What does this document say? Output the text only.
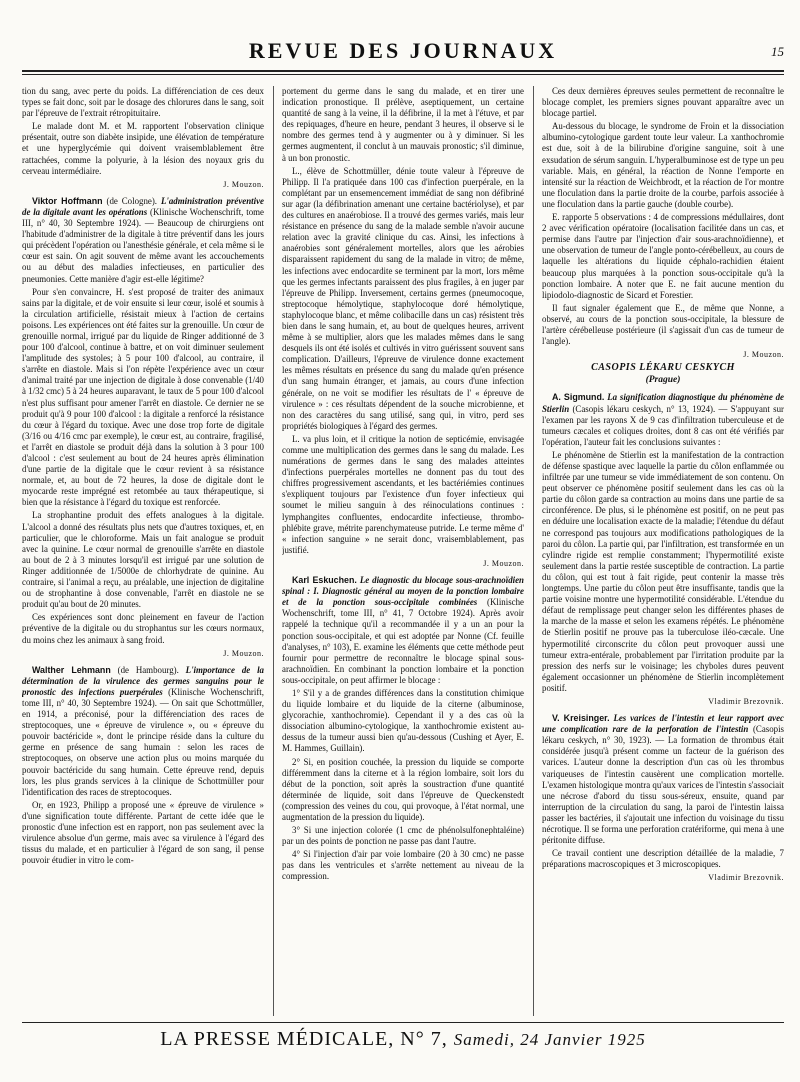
REVUE DES JOURNAUX	15

tion du sang, avec perte du poids. La différenciation de ces deux types se fait donc, soit par le dosage des chlorures dans le sang, soit par l'épreuve de l'extrait rétropituitaire.

Le malade dont M. et M. rapportent l'observation clinique présentait, outre son diabète insipide, une élévation de température et une hyperglycémie qui doivent vraisemblablement être rattachées, comme la polyurie, à la lésion des noyaux gris du cerveau intermédiaire.

J. Mouzon.

Viktor Hoffmann (de Cologne). L'administration préventive de la digitale avant les opérations (Klinische Wochenschrift, tome III, n° 40, 30 Septembre 1924). — Beaucoup de chirurgiens ont l'habitude d'administrer de la digitale à titre préventif dans les jours qui précèdent l'opération ou l'anesthésie générale, et cela même si le cœur est sain. On agit souvent de même avant les accouchements ou au début des maladies infectieuses, en particulier des pneumonies. Cette manière d'agir est-elle légitime?

Pour s'en convaincre, H. s'est proposé de traiter des animaux sains par la digitale, et de voir ensuite si leur cœur, isolé et soumis à la circulation artificielle, résistait mieux à l'action de certains poisons. Les expériences ont été faites sur la grenouille. Un cœur de grenouille normal, irrigué par du liquide de Ringer additionné de 3 pour 100 d'alcool, continue à battre, et on voit diminuer seulement l'amplitude des systoles; à 5 pour 100 d'alcool, au contraire, il s'arrête en diastole. Mais si l'on répète l'expérience avec un cœur d'animal traité par une injection de digitale à dose convenable (1/40 à 1/32 cmc) 5 à 24 heures auparavant, le taux de 5 pour 100 d'alcool n'est plus suffisant pour amener l'arrêt en diastole. Ce dernier ne se produit qu'à 9 pour 100 d'alcool : la digitale a renforcé la résistance du cœur à l'égard du toxique. Avec une dose trop forte de digitale (3/16 ou 4/16 cmc par exemple), le cœur est, au contraire, fragilisé, et l'arrêt en diastole se produit déjà dans la solution à 3 pour 100 d'alcool : c'est seulement au bout de 24 heures après élimination d'une partie de la digitale que le cœur revient à sa résistance normale, et, au bout de 72 heures, la dose de digitale dont le myocarde reste imprégné est retombée au taux thérapeutique, si bien que la résistance à l'égard du toxique est renforcée.

La strophantine produit des effets analogues à la digitale. L'alcool a donné des résultats plus nets que d'autres toxiques, et, en particulier, que le chloroforme. Mais un fait analogue se produit avec la quinine. Le cœur normal de grenouille s'arrête en diastole au bout de 2 à 3 minutes lorsqu'il est irrigué par une solution de Ringer additionnée de 1/5000e de chlorhydrate de quinine. Au contraire, si l'animal a reçu, au préalable, une injection de digitaline ou de strophantine à dose convenable, l'arrêt en diastole ne se produit qu'au bout de 20 minutes.

Ces expériences sont donc pleinement en faveur de l'action préventive de la digitale ou du strophantus sur les cœurs normaux, du moins chez les animaux à sang froid.

J. Mouzon.

Walther Lehmann (de Hambourg). L'importance de la détermination de la virulence des germes sanguins pour le pronostic des infections puerpérales (Klinische Wochenschrift, tome III, n° 40, 30 Septembre 1924). — On sait que Schottmüller, en 1914, a préconisé, pour la différenciation des races de streptocoques, une « épreuve de virulence », ou « épreuve du pouvoir bactéricide », dont le principe réside dans la culture du germe en présence de sang humain : selon les races de streptocoques, on observe une action plus ou moins marquée du pouvoir bactéricide du sang humain. Cette épreuve rend, depuis lors, les plus grands services à la clinique de Schottmüller pour l'identification des races de streptocoques.

Or, en 1923, Philipp a proposé une « épreuve de virulence » d'une signification toute différente. Partant de cette idée que le pronostic d'une infection est en rapport, non pas seulement avec la virulence absolue d'un germe, mais avec sa virulence à l'égard des tissus du malade, et en particulier à l'égard de son sang, il pense pouvoir étudier in vitro le com-

portement du germe dans le sang du malade, et en tirer une indication pronostique. Il prélève, aseptiquement, un certaine quantité de sang à la veine, il la défibrine, il la met à l'étuve, et par des repiquages, d'heure en heure, pendant 3 heures, il observe si le nombre des germes tend à y augmenter ou à y diminuer. Si les germes augmentent, il conclut à un mauvais pronostic; s'il diminue, à un bon pronostic.

L., élève de Schottmüller, dénie toute valeur à l'épreuve de Philipp. Il l'a pratiquée dans 100 cas d'infection puerpérale, en la complétant par un ensemencement immédiat de sang non défibriné sur agar (la défibrination amenant une certaine bactériolyse), et par des cultures en anaérobiose. Il a trouvé des germes variés, mais leur résistance en présence du sang de la malade semble n'avoir aucune relation avec la gravité clinique du cas. Ainsi, les infections à anaérobies sont généralement mortelles, alors que les aérobies disparaissent rapidement du sang de la malade in vitro; de même, les infections avec endocardite se terminent par la mort, lors même que les germes infectants paraissent des plus fragiles, à en juger par l'épreuve de Philipp. Inversement, certains germes (pneumocoque, streptocoque hémolytique, staphylocoque doré hémolytique, staphylocoque blanc, et même colibacille dans un cas) résistent très bien dans le sang humain, et, au bout de quelques heures, arrivent même à se multiplier, alors que les malades mêmes dans le sang desquels ils ont été isolés et cultivés in vitro guérissent souvent sans complication. D'ailleurs, l'épreuve de virulence donne exactement les mêmes résultats en présence du sang du malade qu'en présence d'un sang humain étranger, et jamais, au cours d'une infection générale, on ne voit se modifier les résultats de l' « épreuve de virulence » : ces résultats dépendent de la souche microbienne, et non des caractères du sang utilisé, sang qui, in vitro, perd ses propriétés biologiques à l'égard des germes.

L. va plus loin, et il critique la notion de septicémie, envisagée comme une multiplication des germes dans le sang du malade. Les numérations de germes dans le sang des malades atteintes d'infections puerpérales mortelles ne donnent pas du tout des chiffres progressivement ascendants, et les bactériémies continues s'expliquent toujours par l'existence d'un foyer infectieux qui soumet le milieu sanguin à des réinoculations continues : lymphangites confluentes, endocardite infectieuse, thrombo-phlébite grave, métrite parenchymateuse putride. Le terme même d' « infection sanguine » ne serait donc, vraisemblablement, pas justifié.

J. Mouzon.

Karl Eskuchen. Le diagnostic du blocage sous-arachnoïdien spinal : I. Diagnostic général au moyen de la ponction lombaire et de la ponction sous-occipitale combinées (Klinische Wochenschrift, tome III, n° 41, 7 Octobre 1924). Après avoir rappelé la technique qu'il a recommandée il y a un an pour la ponction sous-occipitale, et qui est adoptée par Nonne (Cf. feuille d'analyses, n° 103), E. examine les éléments que cette méthode peut fournir pour permettre de reconnaître le blocage spinal sous-arachnoïdien. En combinant la ponction lombaire et la ponction sous-occipitale, on peut affirmer le blocage :

1° S'il y a de grandes différences dans la constitution chimique du liquide lombaire et du liquide de la citerne (albuminose, glycorachie, xanthochromie). Cependant il y a des cas où la dissociation albumino-cytologique, la xanthochromie existent au-dessus de la tumeur aussi bien qu'au-dessous (Cushing et Ayer, E. M. Hammes, Guillain).

2° Si, en position couchée, la pression du liquide se comporte différemment dans la citerne et à la région lombaire, soit lors du début de la ponction, soit après la soustraction d'une quantité déterminée de liquide, soit dans l'épreuve de Queckenstedt (compression des veines du cou, qui provoque, à l'état normal, une augmentation de la pression du liquide).

3° Si une injection colorée (1 cmc de phénolsulfonephtaléine) par un des points de ponction ne passe pas dant l'autre.

4° Si l'injection d'air par voie lombaire (20 à 30 cmc) ne passe pas dans les ventricules et s'arrête nettement au niveau de la compression.

Ces deux dernières épreuves seules permettent de reconnaître le blocage complet, les premiers signes pouvant apparaître avec un blocage partiel.

Au-dessous du blocage, le syndrome de Froin et la dissociation albumino-cytologique gardent toute leur valeur. La xanthochromie est due, soit à de la bilirubine d'origine sanguine, soit à une exsudation de sérum sanguin. L'hyperalbuminose est de type un peu variable. Mais, en général, la réaction de Nonne l'emporte en intensité sur la réaction de Weichbrodt, et la réaction de l'or montre une floculation dans la partie droite de la courbe, parfois associée à une floculation dans la partie gauche (double courbe).

E. rapporte 5 observations : 4 de compressions médullaires, dont 2 avec vérification opératoire (localisation facilitée dans un cas, et permise dans l'autre par l'injection d'air sous-arachnoïdienne), et une observation de tumeur de l'angle ponto-cérébelleux, au cours de laquelle les altérations du liquide céphalo-rachidien étaient beaucoup plus marquées à la ponction sous-occipitale qu'à la ponction lombaire. A noter que E. ne fait aucune mention du lipiodolo-diagnostic de Sicard et Forestier.

Il faut signaler également que E., de même que Nonne, a observé, au cours de la ponction sous-occipitale, la blessure de l'artère cérébelleuse postérieure (il s'agissait d'un cas de tumeur de l'angle).

J. Mouzon.

CASOPIS LÉKARU CESKYCH

(Prague)

A. Sigmund. La signification diagnostique du phénomène de Stierlin (Casopis lékaru ceskych, n° 13, 1924). — S'appuyant sur l'examen par les rayons X de 9 cas d'infiltration tuberculeuse et de tumeurs cæcales et coliques droites, dont 8 cas ont été vérifiés par l'opération, l'auteur fait les conclusions suivantes :

Le phénomène de Stierlin est la manifestation de la contraction de défense spastique avec laquelle la partie du côlon enflammée ou infiltrée par une tumeur se vide immédiatement de son contenu. On peut observer ce phénomène positif seulement dans les cas où la partie du côlon garde sa contraction au moins dans une partie de sa circonférence. De plus, si le phénomène est positif, on ne peut pas en déduire une localisation exacte de la maladie; l'étendue du défaut ne correspond pas toujours aux modifications pathologiques de la paroi du côlon. La partie qui, par l'infiltration, est transformée en un cylindre rigide est remplie constamment; l'hypermotilité existe seulement dans la partie restée susceptible de contraction. La partie du côlon, qui est tout à fait rigide, peut contenir la masse très longtemps. Une partie du côlon peut être insuffisante, tandis que la partie voisine montre une hypermotilité considérable. L'étendue du défaut de remplissage peut changer selon les différentes phases de la marche de la masse et selon les examens répétés. Le phénomène de Stierlin positif ne prouve pas la tuberculose iléo-cæcale. Une hypermotilité circonscrite du côlon peut provoquer aussi une tumeur extra-entérale, probablement par l'irritation produite par la pression des nerfs sur le voisinage; les chyboles dures peuvent également occasionner un phénomène de Stierlin incomplètement positif.

Vladimir Brezovnik.

V. Kreisinger. Les varices de l'intestin et leur rapport avec une complication rare de la perforation de l'intestin (Casopis lékaru ceskych, n° 30, 1923). — La formation de thrombus était considérée jusqu'à présent comme un facteur de la guérison des varices. L'auteur donne la description d'un cas où les thrombus variqueuses de l'intestin causèrent une complication mortelle. L'examen histologique montra qu'aux varices de l'intestin s'associait une nécrose d'abord du tissu sous-séreux, ensuite, quand par interruption de la circulation du sang, la paroi de l'intestin laissa passer les bactéries, il s'ajoutait une infection du voisinage du tissu nécrotique. Il se forma une perforation cratériforme, qui mena à une péritonite diffuse.

Ce travail contient une description détaillée de la maladie, 7 préparations macroscopiques et 3 microscopiques.

Vladimir Brezovnik.

LA PRESSE MÉDICALE, N° 7, Samedi, 24 Janvier 1925
